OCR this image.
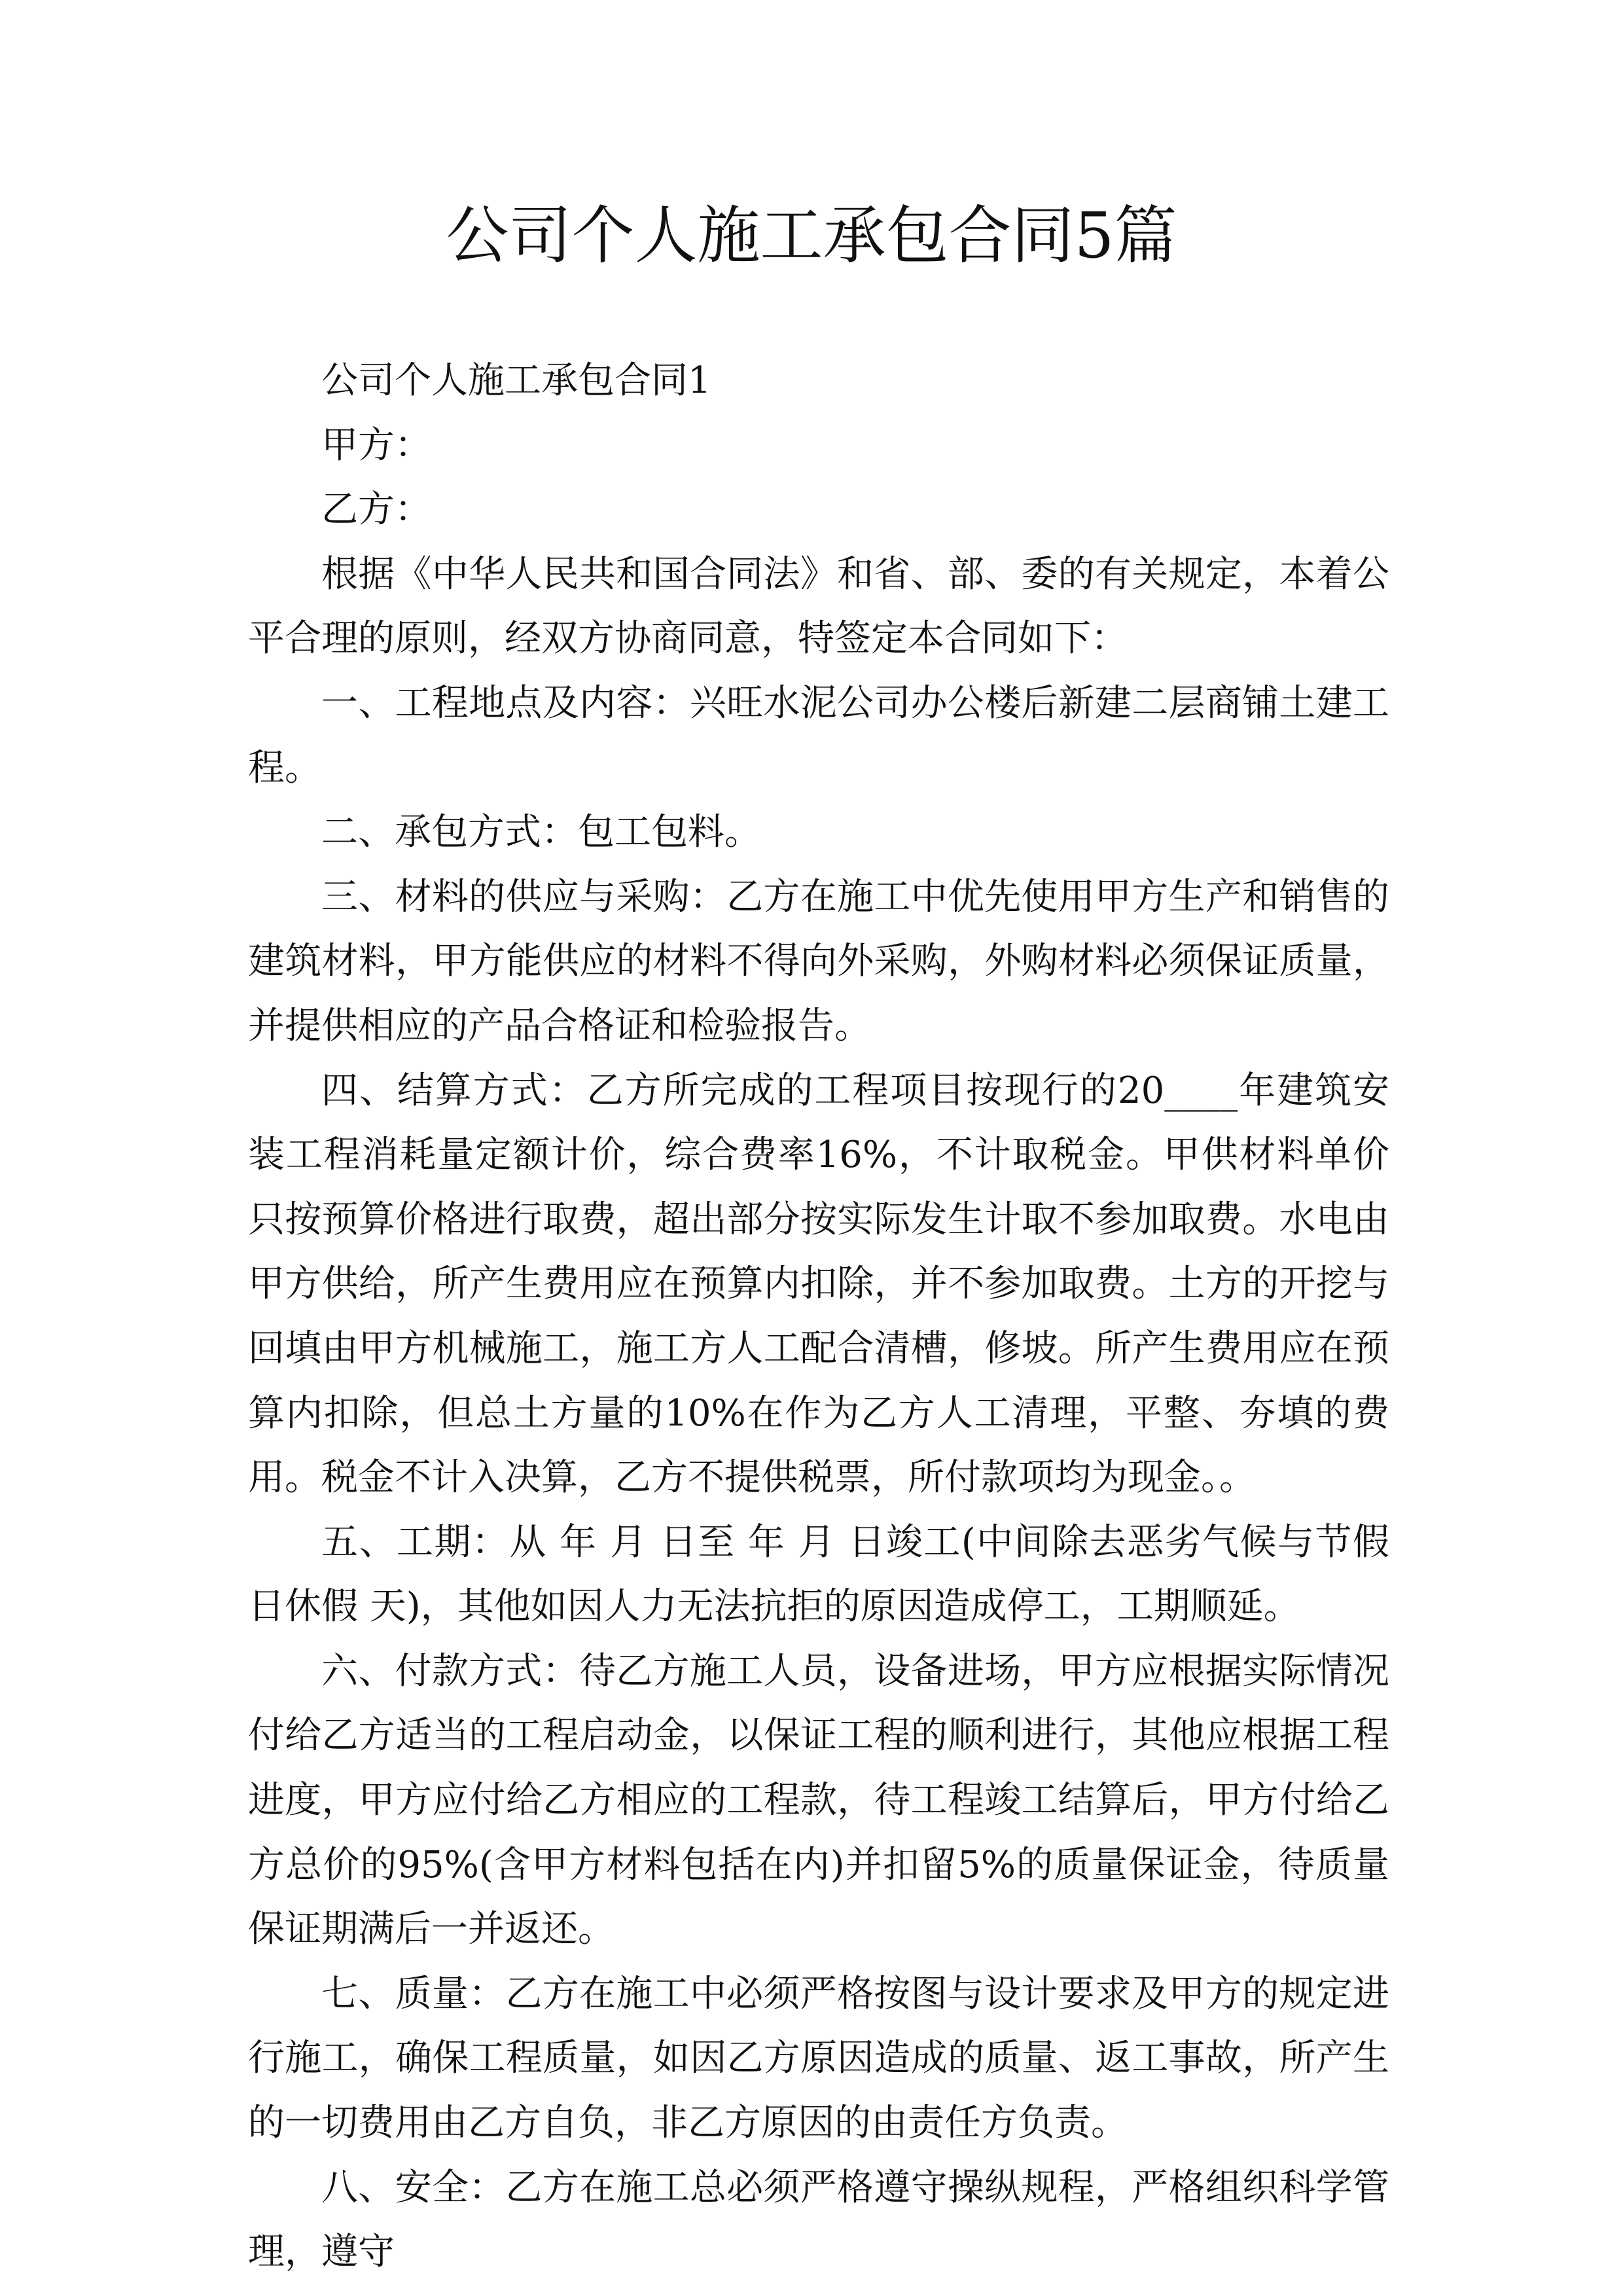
公司个人施工承包合同5篇

公司个人施工承包合同1

甲方：

乙方：

根据《中华人民共和国合同法》和省、部、委的有关规定，本着公平合理的原则，经双方协商同意，特签定本合同如下：

一、工程地点及内容：兴旺水泥公司办公楼后新建二层商铺土建工程。

二、承包方式：包工包料。

三、材料的供应与采购：乙方在施工中优先使用甲方生产和销售的建筑材料，甲方能供应的材料不得向外采购，外购材料必须保证质量，并提供相应的产品合格证和检验报告。

四、结算方式：乙方所完成的工程项目按现行的20____年建筑安装工程消耗量定额计价，综合费率16%，不计取税金。甲供材料单价只按预算价格进行取费，超出部分按实际发生计取不参加取费。水电由甲方供给，所产生费用应在预算内扣除，并不参加取费。土方的开挖与回填由甲方机械施工，施工方人工配合清槽，修坡。所产生费用应在预算内扣除，但总土方量的10%在作为乙方人工清理，平整、夯填的费用。税金不计入决算，乙方不提供税票，所付款项均为现金。。

五、工期：从 年 月 日至 年 月 日竣工(中间除去恶劣气候与节假日休假 天)，其他如因人力无法抗拒的原因造成停工，工期顺延。

六、付款方式：待乙方施工人员，设备进场，甲方应根据实际情况付给乙方适当的工程启动金，以保证工程的顺利进行，其他应根据工程进度，甲方应付给乙方相应的工程款，待工程竣工结算后，甲方付给乙方总价的95%(含甲方材料包括在内)并扣留5%的质量保证金，待质量保证期满后一并返还。

七、质量：乙方在施工中必须严格按图与设计要求及甲方的规定进行施工，确保工程质量，如因乙方原因造成的质量、返工事故，所产生的一切费用由乙方自负，非乙方原因的由责任方负责。

八、安全：乙方在施工总必须严格遵守操纵规程，严格组织科学管理，遵守
